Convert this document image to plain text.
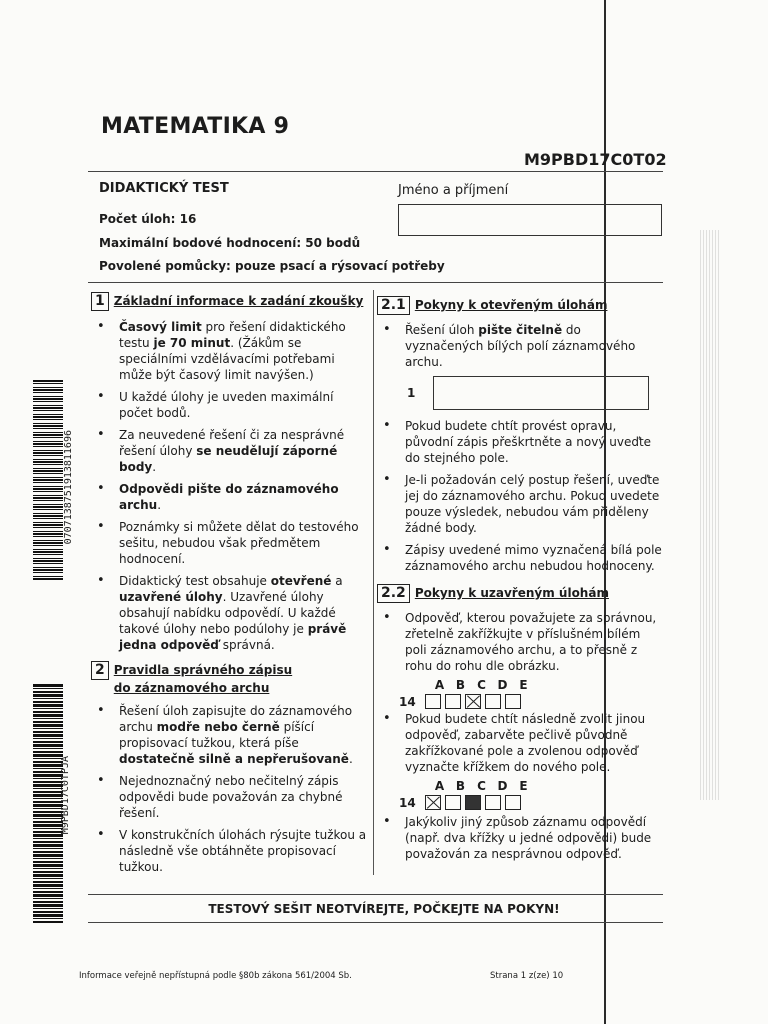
MATEMATIKA 9
M9PBD17C0T02
DIDAKTICKÝ TEST	Jméno a příjmení
Počet úloh: 16
Maximální bodové hodnocení: 50 bodů
Povolené pomůcky: pouze psací a rýsovací potřeby
1 Základní informace k zadání zkoušky
• Časový limit pro řešení didaktického testu je 70 minut. (Žákům se speciálními vzdělávacími potřebami může být časový limit navýšen.)
• U každé úlohy je uveden maximální počet bodů.
• Za neuvedené řešení či za nesprávné řešení úlohy se neudělují záporné body.
• Odpovědi pište do záznamového archu.
• Poznámky si můžete dělat do testového sešitu, nebudou však předmětem hodnocení.
• Didaktický test obsahuje otevřené a uzavřené úlohy. Uzavřené úlohy obsahují nabídku odpovědí. U každé takové úlohy nebo podúlohy je právě jedna odpověď správná.
2 Pravidla správného zápisu
do záznamového archu
• Řešení úloh zapisujte do záznamového archu modře nebo černě píšící propisovací tužkou, která píše dostatečně silně a nepřerušovaně.
• Nejednoznačný nebo nečitelný zápis odpovědi bude považován za chybné řešení.
• V konstrukčních úlohách rýsujte tužkou a následně vše obtáhněte propisovací tužkou.
2.1 Pokyny k otevřeným úlohám
• Řešení úloh pište čitelně do vyznačených bílých polí záznamového archu.
1
• Pokud budete chtít provést opravu, původní zápis přeškrtněte a nový uveďte do stejného pole.
• Je-li požadován celý postup řešení, uveďte jej do záznamového archu. Pokud uvedete pouze výsledek, nebudou vám přiděleny žádné body.
• Zápisy uvedené mimo vyznačená bílá pole záznamového archu nebudou hodnoceny.
2.2 Pokyny k uzavřeným úlohám
• Odpověď, kterou považujete za správnou, zřetelně zakřížkujte v příslušném bílém poli záznamového archu, a to přesně z rohu do rohu dle obrázku.
A B	C D E
14
• Pokud budete chtít následně zvolit jinou odpověď, zabarvěte pečlivě původně zakřížkované pole a zvolenou odpověď vyznačte křížkem do nového pole.
A B	C D E
14
• Jakýkoliv jiný způsob záznamu odpovědí (např. dva křížky u jedné odpovědi) bude považován za nesprávnou odpověď.
TESTOVÝ SEŠIT NEOTVÍREJTE, POČKEJTE NA POKYN!
Informace veřejně nepřístupná podle §80b zákona 561/2004 Sb.	Strana 1 z(ze) 10
0707138751913811696
M9PBD17C0TPJA
